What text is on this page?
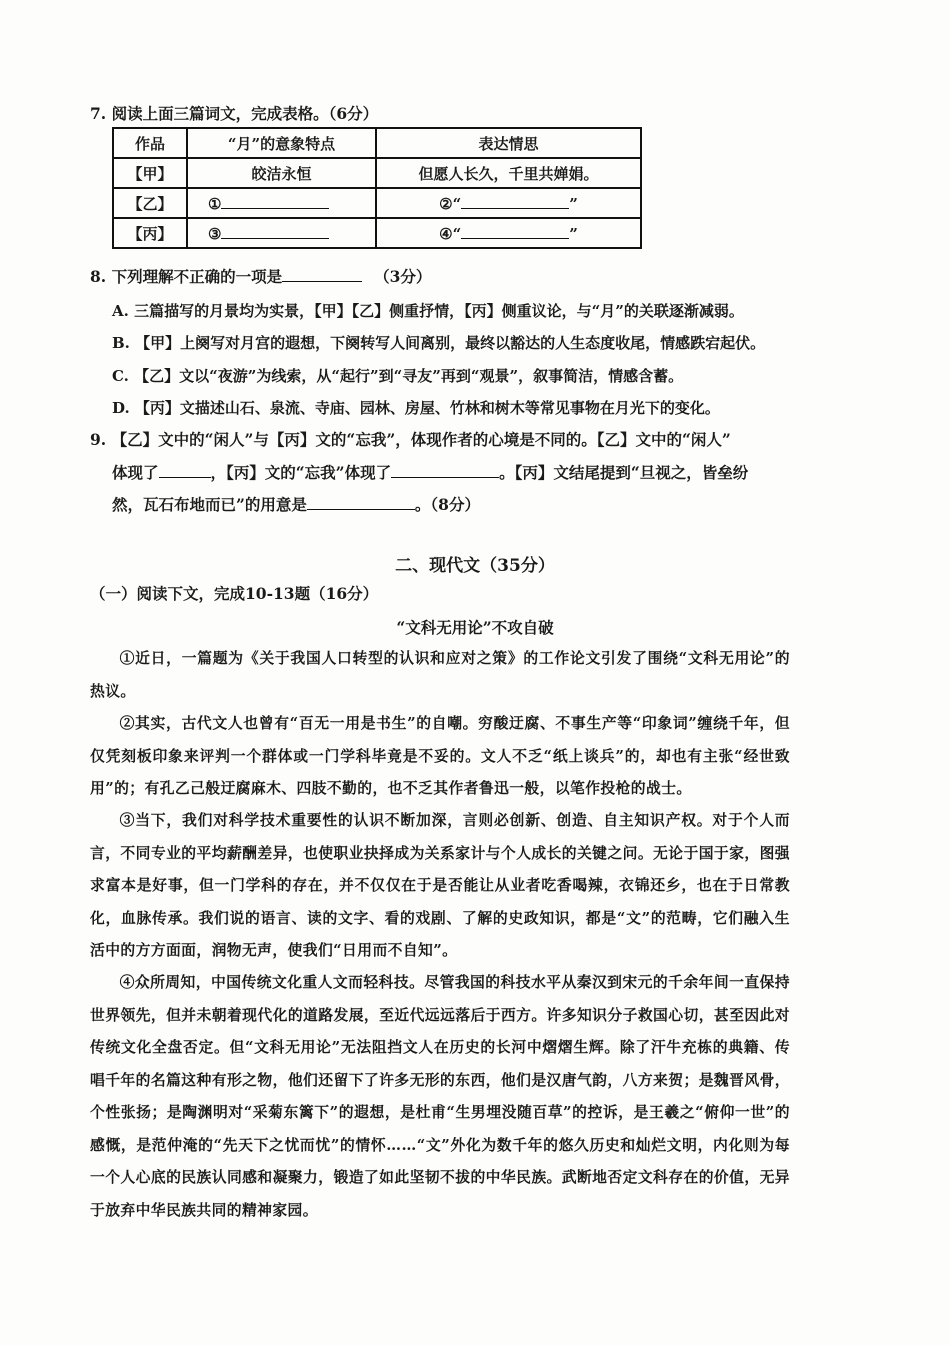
7. 阅读上面三篇词文，完成表格。（6分）
作品	“月”的意象特点	表达情思
【甲】	皎洁永恒	但愿人长久，千里共婵娟。
【乙】	①	②“ ”
【丙】	③	④“ ”
8. 下列理解不正确的一项是	（3分）
A. 三篇描写的月景均为实景，【甲】【乙】侧重抒情，【丙】侧重议论，与“月”的关联逐渐减弱。
B. 【甲】上阕写对月宫的遐想，下阕转写人间离别，最终以豁达的人生态度收尾，情感跌宕起伏。
C. 【乙】文以“夜游”为线索，从“起行”到“寻友”再到“观景”，叙事简洁，情感含蓄。
D. 【丙】文描述山石、泉流、寺庙、园林、房屋、竹林和树木等常见事物在月光下的变化。
9. 【乙】文中的“闲人”与【丙】文的“忘我”，体现作者的心境是不同的。【乙】文中的“闲人”
体现了	，【丙】文的“忘我”体现了	。【丙】文结尾提到“旦视之，皆垒纷
然，瓦石布地而已”的用意是	。（8分）
二、现代文（35分）
（一）阅读下文，完成10-13题（16分）
“文科无用论”不攻自破
①近日，一篇题为《关于我国人口转型的认识和应对之策》的工作论文引发了围绕“文科无用论”的热议。
②其实，古代文人也曾有“百无一用是书生”的自嘲。穷酸迂腐、不事生产等“印象词”缠绕千年，但仅凭刻板印象来评判一个群体或一门学科毕竟是不妥的。文人不乏“纸上谈兵”的，却也有主张“经世致用”的；有孔乙己般迂腐麻木、四肢不勤的，也不乏其作者鲁迅一般，以笔作投枪的战士。
③当下，我们对科学技术重要性的认识不断加深，言则必创新、创造、自主知识产权。对于个人而言，不同专业的平均薪酬差异，也使职业抉择成为关系家计与个人成长的关键之问。无论于国于家，图强求富本是好事，但一门学科的存在，并不仅仅在于是否能让从业者吃香喝辣，衣锦还乡，也在于日常教化，血脉传承。我们说的语言、读的文字、看的戏剧、了解的史政知识，都是“文”的范畴，它们融入生活中的方方面面，润物无声，使我们“日用而不自知”。
④众所周知，中国传统文化重人文而轻科技。尽管我国的科技水平从秦汉到宋元的千余年间一直保持世界领先，但并未朝着现代化的道路发展，至近代远远落后于西方。许多知识分子救国心切，甚至因此对传统文化全盘否定。但“文科无用论”无法阻挡文人在历史的长河中熠熠生辉。除了汗牛充栋的典籍、传唱千年的名篇这种有形之物，他们还留下了许多无形的东西，他们是汉唐气韵，八方来贺；是魏晋风骨，个性张扬；是陶渊明对“采菊东篱下”的遐想，是杜甫“生男埋没随百草”的控诉，是王羲之“俯仰一世”的感慨，是范仲淹的“先天下之忧而忧”的情怀……“文”外化为数千年的悠久历史和灿烂文明，内化则为每一个人心底的民族认同感和凝聚力，锻造了如此坚韧不拔的中华民族。武断地否定文科存在的价值，无异于放弃中华民族共同的精神家园。
